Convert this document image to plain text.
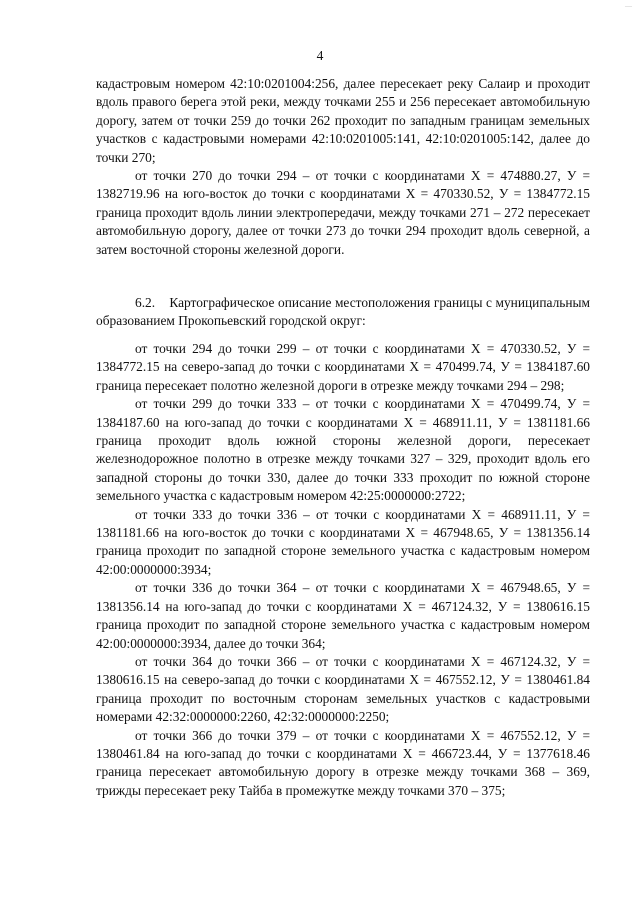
—
4

кадастровым номером 42:10:0201004:256, далее пересекает реку Салаир и проходит вдоль правого берега этой реки, между точками 255 и 256 пересекает автомобильную дорогу, затем от точки 259 до точки 262 проходит по западным границам земельных участков с кадастровыми номерами 42:10:0201005:141, 42:10:0201005:142, далее до точки 270;

от точки 270 до точки 294 – от точки с координатами Х = 474880.27, У = 1382719.96 на юго-восток до точки с координатами Х = 470330.52, У = 1384772.15 граница проходит вдоль линии электропередачи, между точками 271 – 272 пересекает автомобильную дорогу, далее от точки 273 до точки 294 проходит вдоль северной, а затем восточной стороны железной дороги.

6.2. Картографическое описание местоположения границы с муниципальным образованием Прокопьевский городской округ:

от точки 294 до точки 299 – от точки с координатами Х = 470330.52, У = 1384772.15 на северо-запад до точки с координатами Х = 470499.74, У = 1384187.60 граница пересекает полотно железной дороги в отрезке между точками 294 – 298;

от точки 299 до точки 333 – от точки с координатами Х = 470499.74, У = 1384187.60 на юго-запад до точки с координатами Х = 468911.11, У = 1381181.66 граница проходит вдоль южной стороны железной дороги, пересекает железнодорожное полотно в отрезке между точками 327 – 329, проходит вдоль его западной стороны до точки 330, далее до точки 333 проходит по южной стороне земельного участка с кадастровым номером 42:25:0000000:2722;

от точки 333 до точки 336 – от точки с координатами Х = 468911.11, У = 1381181.66 на юго-восток до точки с координатами Х = 467948.65, У = 1381356.14 граница проходит по западной стороне земельного участка с кадастровым номером 42:00:0000000:3934;

от точки 336 до точки 364 – от точки с координатами Х = 467948.65, У = 1381356.14 на юго-запад до точки с координатами Х = 467124.32, У = 1380616.15 граница проходит по западной стороне земельного участка с кадастровым номером 42:00:0000000:3934, далее до точки 364;

от точки 364 до точки 366 – от точки с координатами Х = 467124.32, У = 1380616.15 на северо-запад до точки с координатами Х = 467552.12, У = 1380461.84 граница проходит по восточным сторонам земельных участков с кадастровыми номерами 42:32:0000000:2260, 42:32:0000000:2250;

от точки 366 до точки 379 – от точки с координатами Х = 467552.12, У = 1380461.84 на юго-запад до точки с координатами Х = 466723.44, У = 1377618.46 граница пересекает автомобильную дорогу в отрезке между точками 368 – 369, трижды пересекает реку Тайба в промежутке между точками 370 – 375;
